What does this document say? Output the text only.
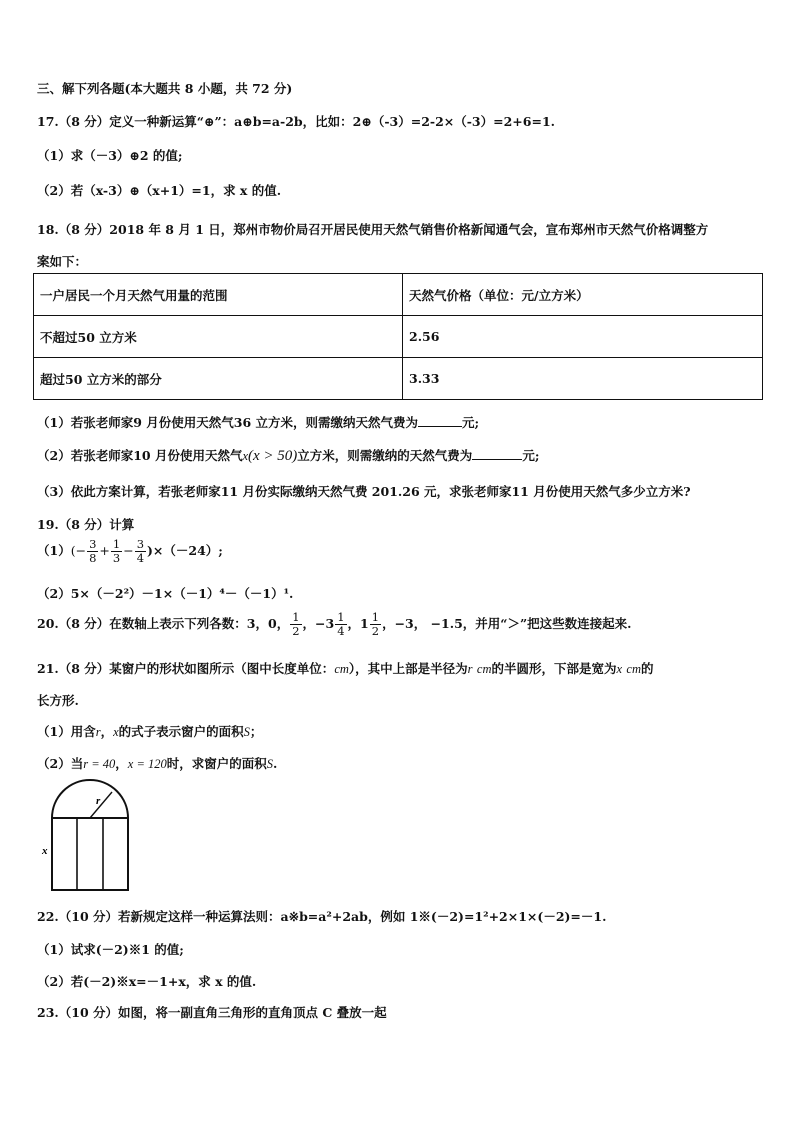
三、解下列各题(本大题共 8 小题，共 72 分)
17.（8 分）定义一种新运算“⊕”：a⊕b=a-2b，比如：2⊕（-3）=2-2×（-3）=2+6=1.
（1）求（－3）⊕2 的值;
（2）若（x-3）⊕（x+1）=1，求 x 的值.
18.（8 分）2018 年 8 月 1 日，郑州市物价局召开居民使用天然气销售价格新闻通气会，宣布郑州市天然气价格调整方
案如下：
一户居民一个月天然气用量的范围	天然气价格（单位：元/立方米）
不超过50 立方米	2.56
超过50 立方米的部分	3.33
（1）若张老师家9 月份使用天然气36 立方米，则需缴纳天然气费为	元;
（2）若张老师家10 月份使用天然气x(x > 50)立方米，则需缴纳的天然气费为	元;
（3）依此方案计算，若张老师家11 月份实际缴纳天然气费 201.26 元，求张老师家11 月份使用天然气多少立方米?
19.（8 分）计算
$(1)(- \frac{3}{8} + \frac{1}{3} - \frac{3}{4} )\times(-24)$;
（2）5×（－2²）－1×（－1）⁴－（－1）¹.
20.（8 分）在数轴上表示下列各数：3，0， $\frac{1}{2}$ ，$-3 \frac{1}{4}$ ，$1 \frac{1}{2}$ ，−3， −1.5，并用“＞”把这些数连接起来.
21.（8 分）某窗户的形状如图所示（图中长度单位：cm），其中上部是半径为r cm的半圆形，下部是宽为x cm的
长方形.
（1）用含r，x的式子表示窗户的面积S；
（2）当r = 40，x = 120时，求窗户的面积S.
r
x
22.（10 分）若新规定这样一种运算法则：a※b=a²+2ab，例如 1※(－2)=1²+2×1×(－2)=－1.
（1）试求(－2)※1 的值;
（2）若(－2)※x=－1+x，求 x 的值.
23.（10 分）如图，将一副直角三角形的直角顶点 C 叠放一起
